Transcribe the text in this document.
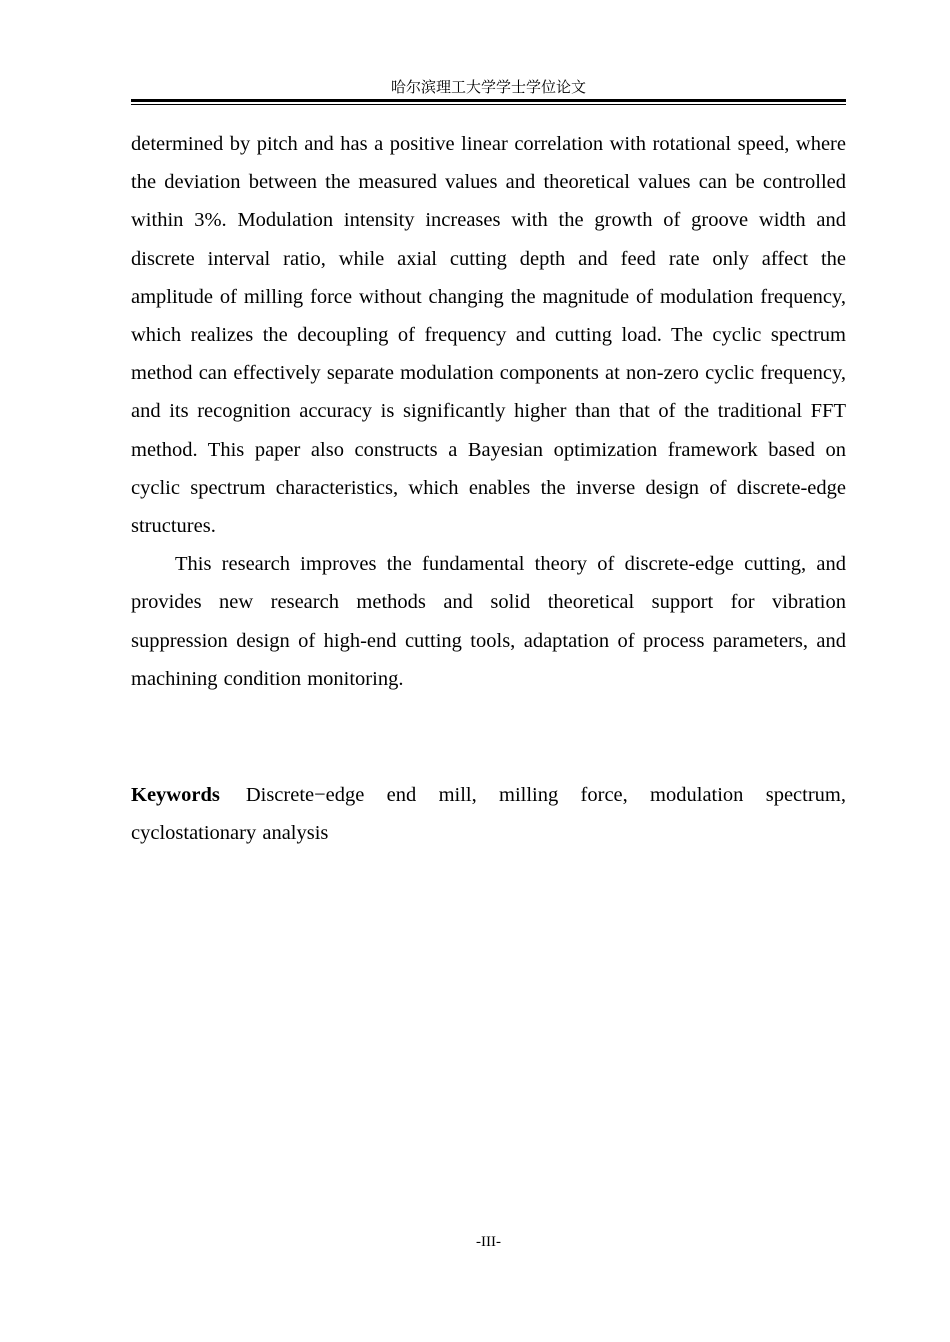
哈尔滨理工大学学士学位论文

determined by pitch and has a positive linear correlation with rotational speed, where the deviation between the measured values and theoretical values can be controlled within 3%. Modulation intensity increases with the growth of groove width and discrete interval ratio, while axial cutting depth and feed rate only affect the amplitude of milling force without changing the magnitude of modulation frequency, which realizes the decoupling of frequency and cutting load. The cyclic spectrum method can effectively separate modulation components at non-zero cyclic frequency, and its recognition accuracy is significantly higher than that of the traditional FFT method. This paper also constructs a Bayesian optimization framework based on cyclic spectrum characteristics, which enables the inverse design of discrete-edge structures.

This research improves the fundamental theory of discrete-edge cutting, and provides new research methods and solid theoretical support for vibration suppression design of high-end cutting tools, adaptation of process parameters, and machining condition monitoring.

Keywords Discrete−edge end mill, milling force, modulation spectrum, cyclostationary analysis
-III-
